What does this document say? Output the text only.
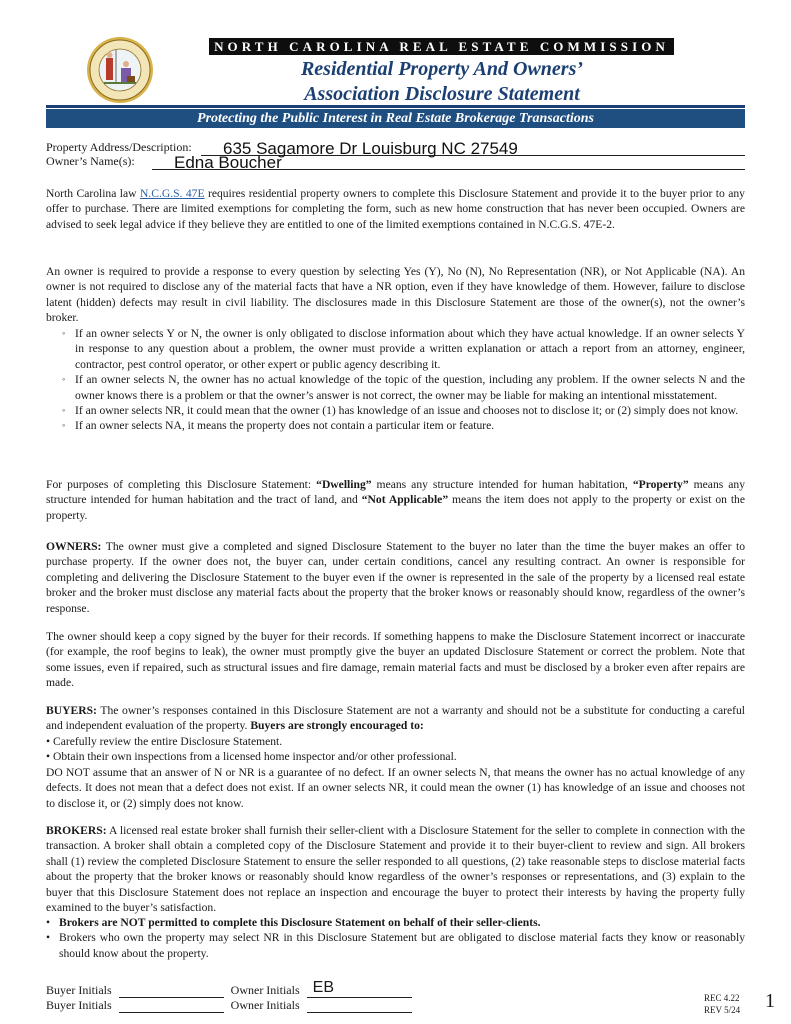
NORTH CAROLINA REAL ESTATE COMMISSION
Residential Property And Owners’
Association Disclosure Statement
Protecting the Public Interest in Real Estate Brokerage Transactions
Property Address/Description: 635 Sagamore Dr Louisburg NC 27549
Owner’s Name(s): Edna Boucher

North Carolina law N.C.G.S. 47E requires residential property owners to complete this Disclosure Statement and provide it to the buyer prior to any offer to purchase. There are limited exemptions for completing the form, such as new home construction that has never been occupied. Owners are advised to seek legal advice if they believe they are entitled to one of the limited exemptions contained in N.C.G.S. 47E-2.

An owner is required to provide a response to every question by selecting Yes (Y), No (N), No Representation (NR), or Not Applicable (NA). An owner is not required to disclose any of the material facts that have a NR option, even if they have knowledge of them. However, failure to disclose latent (hidden) defects may result in civil liability. The disclosures made in this Disclosure Statement are those of the owner(s), not the owner’s broker.

◦ If an owner selects Y or N, the owner is only obligated to disclose information about which they have actual knowledge. If an owner selects Y in response to any question about a problem, the owner must provide a written explanation or attach a report from an attorney, engineer, contractor, pest control operator, or other expert or public agency describing it.
◦ If an owner selects N, the owner has no actual knowledge of the topic of the question, including any problem. If the owner selects N and the owner knows there is a problem or that the owner’s answer is not correct, the owner may be liable for making an intentional misstatement.
◦ If an owner selects NR, it could mean that the owner (1) has knowledge of an issue and chooses not to disclose it; or (2) simply does not know.
◦ If an owner selects NA, it means the property does not contain a particular item or feature.

For purposes of completing this Disclosure Statement: “Dwelling” means any structure intended for human habitation, “Property” means any structure intended for human habitation and the tract of land, and “Not Applicable” means the item does not apply to the property or exist on the property.

OWNERS: The owner must give a completed and signed Disclosure Statement to the buyer no later than the time the buyer makes an offer to purchase property. If the owner does not, the buyer can, under certain conditions, cancel any resulting contract. An owner is responsible for completing and delivering the Disclosure Statement to the buyer even if the owner is represented in the sale of the property by a licensed real estate broker and the broker must disclose any material facts about the property that the broker knows or reasonably should know, regardless of the owner’s response.

The owner should keep a copy signed by the buyer for their records. If something happens to make the Disclosure Statement incorrect or inaccurate (for example, the roof begins to leak), the owner must promptly give the buyer an updated Disclosure Statement or correct the problem. Note that some issues, even if repaired, such as structural issues and fire damage, remain material facts and must be disclosed by a broker even after repairs are made.

BUYERS: The owner’s responses contained in this Disclosure Statement are not a warranty and should not be a substitute for conducting a careful and independent evaluation of the property. Buyers are strongly encouraged to:

• Carefully review the entire Disclosure Statement.
• Obtain their own inspections from a licensed home inspector and/or other professional.

DO NOT assume that an answer of N or NR is a guarantee of no defect. If an owner selects N, that means the owner has no actual knowledge of any defects. It does not mean that a defect does not exist. If an owner selects NR, it could mean the owner (1) has knowledge of an issue and chooses not to disclose it, or (2) simply does not know.

BROKERS: A licensed real estate broker shall furnish their seller-client with a Disclosure Statement for the seller to complete in connection with the transaction. A broker shall obtain a completed copy of the Disclosure Statement and provide it to their buyer-client to review and sign. All brokers shall (1) review the completed Disclosure Statement to ensure the seller responded to all questions, (2) take reasonable steps to disclose material facts about the property that the broker knows or reasonably should know regardless of the owner’s responses or representations, and (3) explain to the buyer that this Disclosure Statement does not replace an inspection and encourage the buyer to protect their interests by having the property fully examined to the buyer’s satisfaction.

• Brokers are NOT permitted to complete this Disclosure Statement on behalf of their seller-clients.
• Brokers who own the property may select NR in this Disclosure Statement but are obligated to disclose material facts they know or reasonably should know about the property.
Buyer Initials	Owner Initials EB
Buyer Initials	Owner Initials	REC 4.22
REV 5/24 1
